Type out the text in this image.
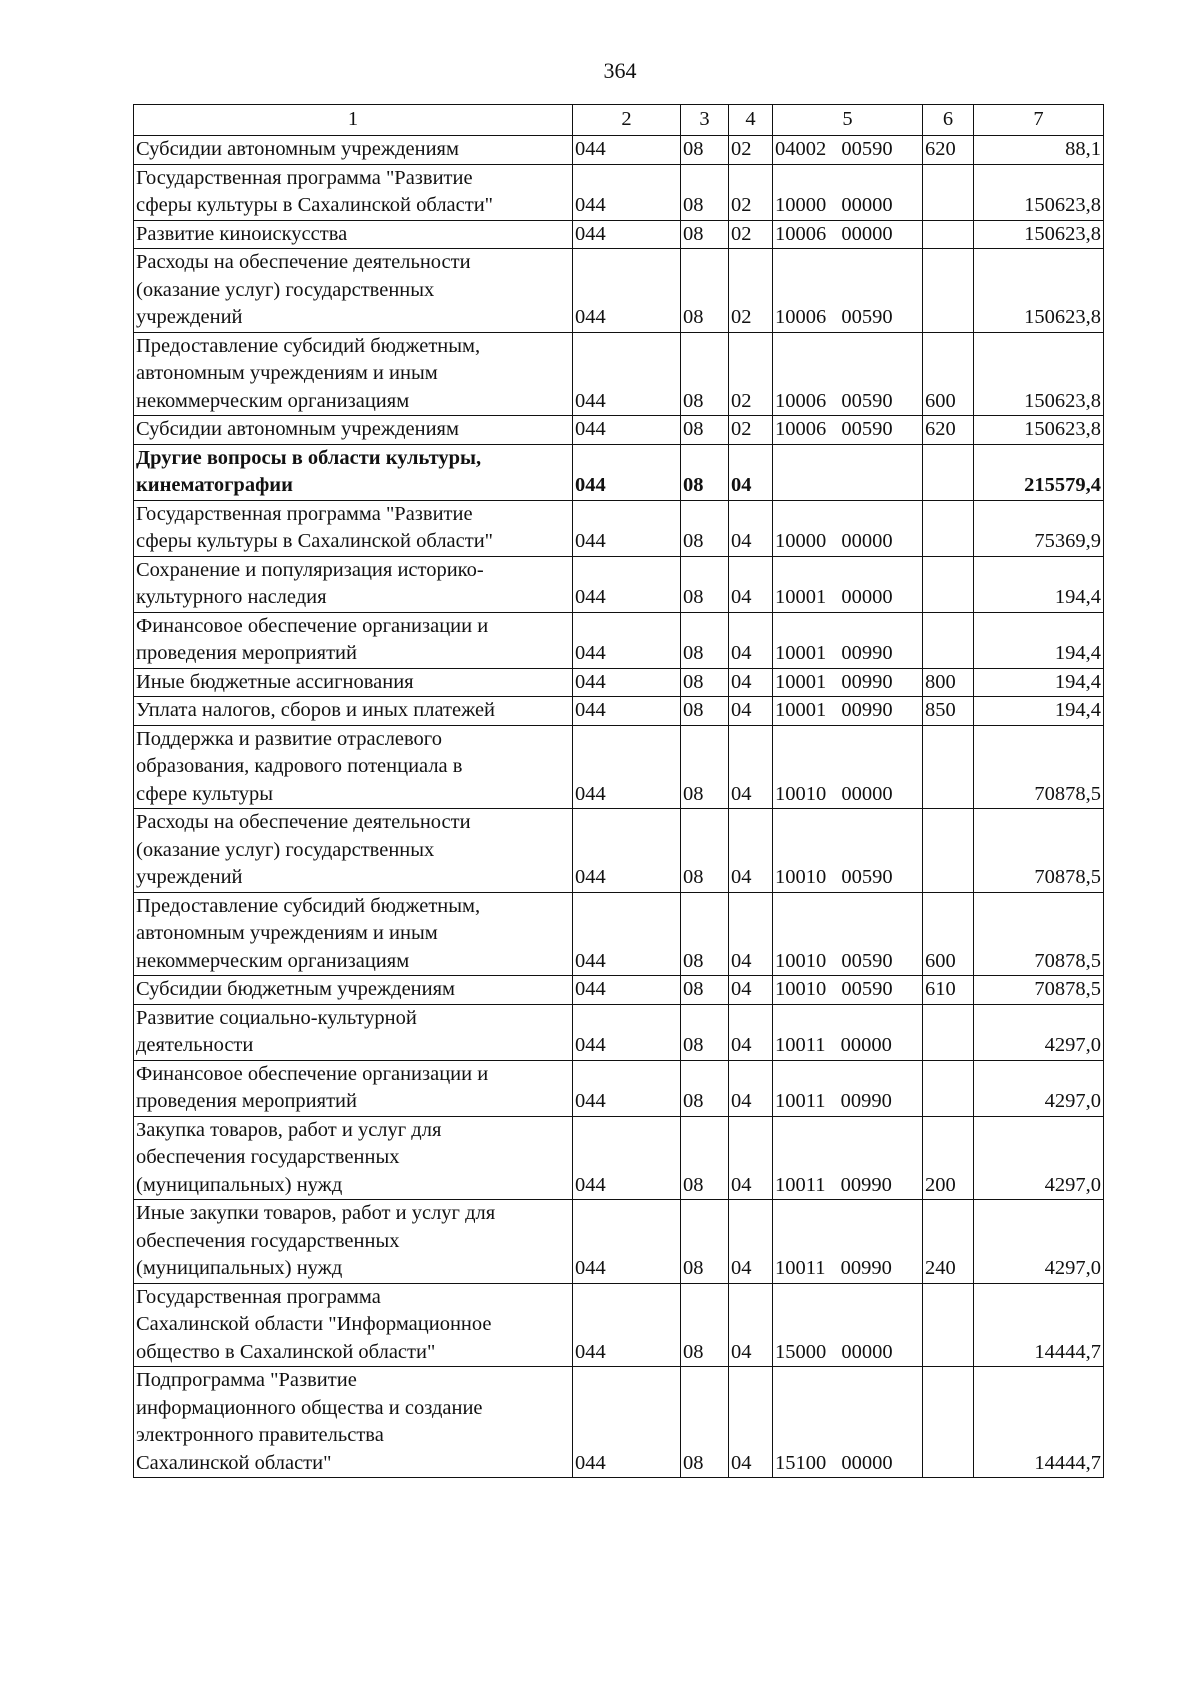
364
1	2	3	4	5	6	7

Субсидии автономным учреждениям	044	08	02	04002 00590	620	88,1

Государственная программа "Развитие
сферы культуры в Сахалинской области"	044	08	02	10000 00000		150623,8

Развитие киноискусства	044	08	02	10006 00000		150623,8

Расходы на обеспечение деятельности
(оказание услуг) государственных
учреждений	044	08	02	10006 00590		150623,8

Предоставление субсидий бюджетным,
автономным учреждениям и иным
некоммерческим организациям	044	08	02	10006 00590	600	150623,8

Субсидии автономным учреждениям	044	08	02	10006 00590	620	150623,8

Другие вопросы в области культуры,
кинематографии	044	08	04			215579,4

Государственная программа "Развитие
сферы культуры в Сахалинской области"	044	08	04	10000 00000		75369,9

Сохранение и популяризация историко-
культурного наследия	044	08	04	10001 00000		194,4

Финансовое обеспечение организации и
проведения мероприятий	044	08	04	10001 00990		194,4

Иные бюджетные ассигнования	044	08	04	10001 00990	800	194,4

Уплата налогов, сборов и иных платежей	044	08	04	10001 00990	850	194,4

Поддержка и развитие отраслевого
образования, кадрового потенциала в
сфере культуры	044	08	04	10010 00000		70878,5

Расходы на обеспечение деятельности
(оказание услуг) государственных
учреждений	044	08	04	10010 00590		70878,5

Предоставление субсидий бюджетным,
автономным учреждениям и иным
некоммерческим организациям	044	08	04	10010 00590	600	70878,5

Субсидии бюджетным учреждениям	044	08	04	10010 00590	610	70878,5

Развитие социально-культурной
деятельности	044	08	04	10011 00000		4297,0

Финансовое обеспечение организации и
проведения мероприятий	044	08	04	10011 00990		4297,0

Закупка товаров, работ и услуг для
обеспечения государственных
(муниципальных) нужд	044	08	04	10011 00990	200	4297,0

Иные закупки товаров, работ и услуг для
обеспечения государственных
(муниципальных) нужд	044	08	04	10011 00990	240	4297,0

Государственная программа
Сахалинской области "Информационное
общество в Сахалинской области"	044	08	04	15000 00000		14444,7

Подпрограмма "Развитие
информационного общества и создание
электронного правительства
Сахалинской области"	044	08	04	15100 00000		14444,7
